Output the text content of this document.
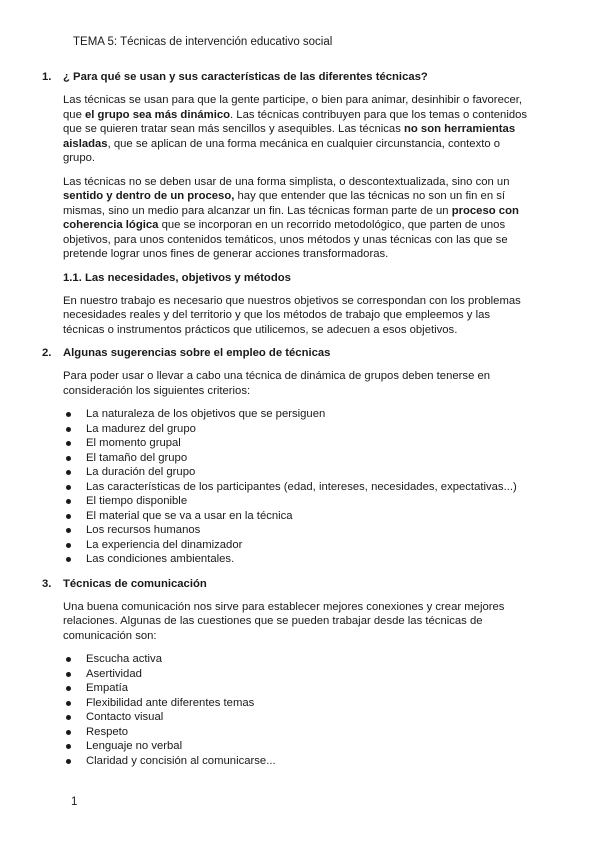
TEMA 5: Técnicas de intervención educativo social
1. ¿ Para qué se usan y sus características de las diferentes técnicas?

Las técnicas se usan para que la gente participe, o bien para animar, desinhibir o favorecer, que el grupo sea más dinámico. Las técnicas contribuyen para que los temas o contenidos que se quieren tratar sean más sencillos y asequibles. Las técnicas no son herramientas aisladas, que se aplican de una forma mecánica en cualquier circunstancia, contexto o grupo.

Las técnicas no se deben usar de una forma simplista, o descontextualizada, sino con un sentido y dentro de un proceso, hay que entender que las técnicas no son un fin en sí mismas, sino un medio para alcanzar un fin. Las técnicas forman parte de un proceso con coherencia lógica que se incorporan en un recorrido metodológico, que parten de unos objetivos, para unos contenidos temáticos, unos métodos y unas técnicas con las que se pretende lograr unos fines de generar acciones transformadoras.

1.1. Las necesidades, objetivos y métodos

En nuestro trabajo es necesario que nuestros objetivos se correspondan con los problemas necesidades reales y del territorio y que los métodos de trabajo que empleemos y las técnicas o instrumentos prácticos que utilicemos, se adecuen a esos objetivos.

2. Algunas sugerencias sobre el empleo de técnicas

Para poder usar o llevar a cabo una técnica de dinámica de grupos deben tenerse en consideración los siguientes criterios:

La naturaleza de los objetivos que se persiguen
La madurez del grupo
El momento grupal
El tamaño del grupo
La duración del grupo
Las características de los participantes (edad, intereses, necesidades, expectativas...)
El tiempo disponible
El material que se va a usar en la técnica
Los recursos humanos
La experiencia del dinamizador
Las condiciones ambientales.
3. Técnicas de comunicación

Una buena comunicación nos sirve para establecer mejores conexiones y crear mejores relaciones. Algunas de las cuestiones que se pueden trabajar desde las técnicas de comunicación son:

Escucha activa
Asertividad
Empatía
Flexibilidad ante diferentes temas
Contacto visual
Respeto
Lenguaje no verbal
Claridad y concisión al comunicarse...
1
